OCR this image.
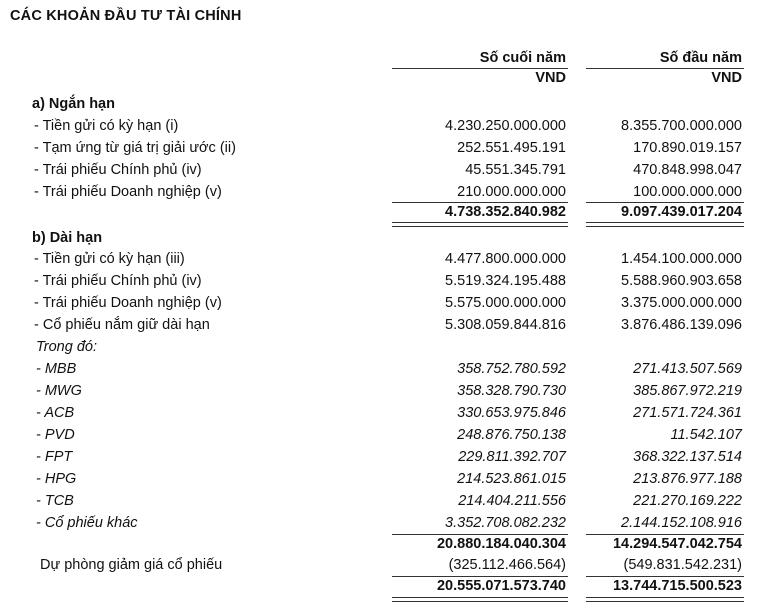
CÁC KHOẢN ĐẦU TƯ TÀI CHÍNH
Số cuối năm	Số đầu năm
VND	VND
a) Ngắn hạn
- Tiền gửi có kỳ hạn (i)	4.230.250.000.000	8.355.700.000.000
- Tạm ứng từ giá trị giải ước (ii)	252.551.495.191	170.890.019.157
- Trái phiếu Chính phủ (iv)	45.551.345.791	470.848.998.047
- Trái phiếu Doanh nghiệp (v)	210.000.000.000	100.000.000.000
4.738.352.840.982	9.097.439.017.204
b) Dài hạn
- Tiền gửi có kỳ hạn (iii)	4.477.800.000.000	1.454.100.000.000
- Trái phiếu Chính phủ (iv)	5.519.324.195.488	5.588.960.903.658
- Trái phiếu Doanh nghiệp (v)	5.575.000.000.000	3.375.000.000.000
- Cổ phiếu nắm giữ dài hạn	5.308.059.844.816	3.876.486.139.096
Trong đó:
- MBB	358.752.780.592	271.413.507.569
- MWG	358.328.790.730	385.867.972.219
- ACB	330.653.975.846	271.571.724.361
- PVD	248.876.750.138	11.542.107
- FPT	229.811.392.707	368.322.137.514
- HPG	214.523.861.015	213.876.977.188
- TCB	214.404.211.556	221.270.169.222
- Cổ phiếu khác	3.352.708.082.232	2.144.152.108.916
20.880.184.040.304	14.294.547.042.754
Dự phòng giảm giá cổ phiếu	(325.112.466.564)	(549.831.542.231)
20.555.071.573.740	13.744.715.500.523
